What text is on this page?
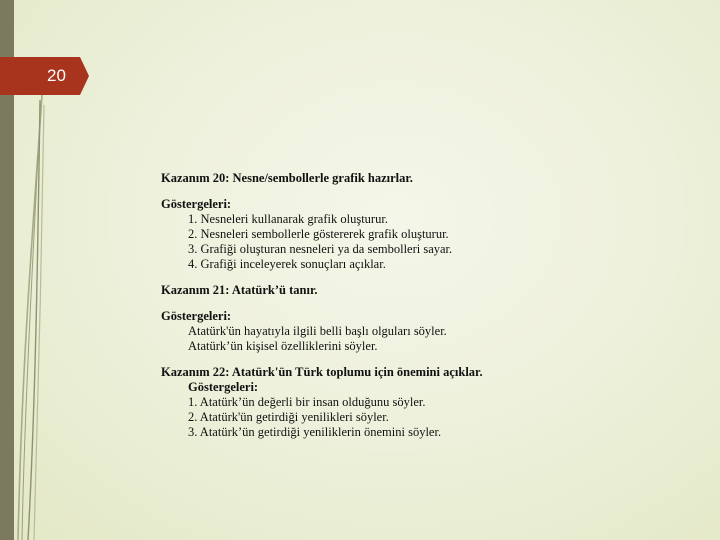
20

Kazanım 20: Nesne/sembollerle grafik hazırlar.

Göstergeleri:

1. Nesneleri kullanarak grafik oluşturur.

2. Nesneleri sembollerle göstererek grafik oluşturur.

3. Grafiği oluşturan nesneleri ya da sembolleri sayar.

4. Grafiği inceleyerek sonuçları açıklar.

Kazanım 21: Atatürk’ü tanır.

Göstergeleri:

Atatürk'ün hayatıyla ilgili belli başlı olguları söyler.

Atatürk’ün kişisel özelliklerini söyler.

Kazanım 22: Atatürk'ün Türk toplumu için önemini açıklar.

Göstergeleri:

1. Atatürk’ün değerli bir insan olduğunu söyler.

2. Atatürk'ün getirdiği yenilikleri söyler.

3. Atatürk’ün getirdiği yeniliklerin önemini söyler.
